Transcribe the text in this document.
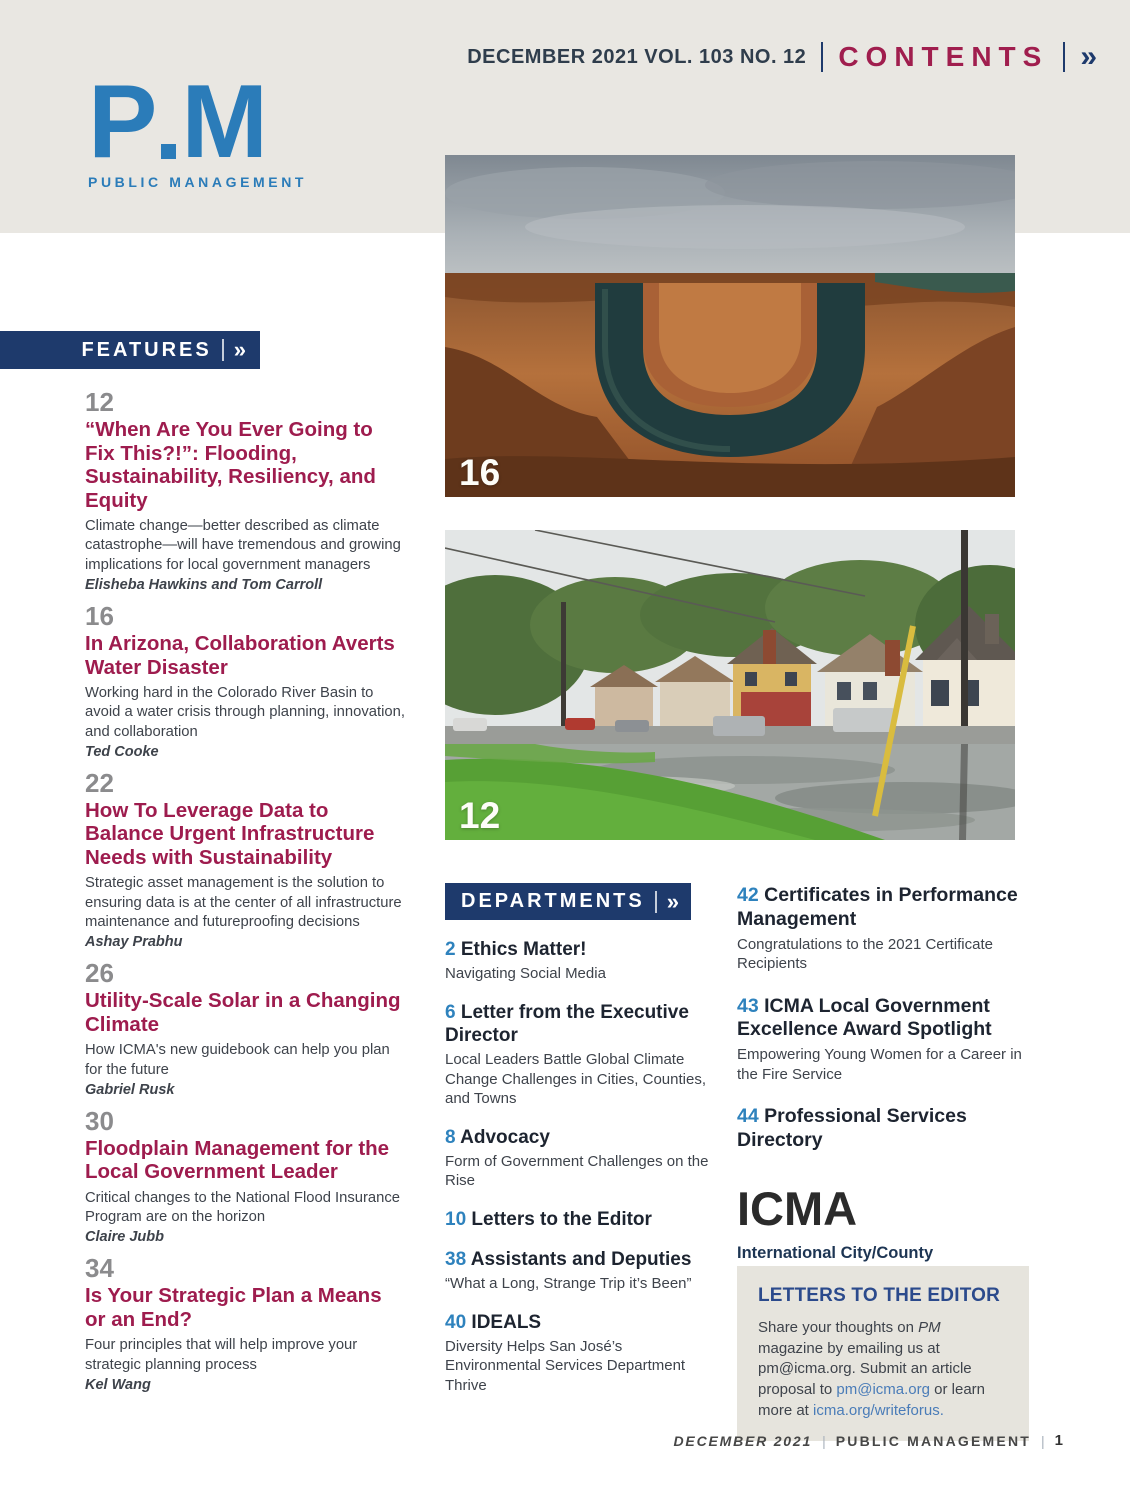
DECEMBER 2021 VOL. 103 NO. 12 CONTENTS »
P M
PUBLIC MANAGEMENT
FEATURES »
12
“When Are You Ever Going to Fix This?!”: Flooding, Sustainability, Resiliency, and Equity

Climate change—better described as climate catastrophe—will have tremendous and growing implications for local government managers

Elisheba Hawkins and Tom Carroll

16
In Arizona, Collaboration Averts Water Disaster

Working hard in the Colorado River Basin to avoid a water crisis through planning, innovation, and collaboration

Ted Cooke

22
How To Leverage Data to Balance Urgent Infrastructure Needs with Sustainability

Strategic asset management is the solution to ensuring data is at the center of all infrastructure maintenance and futureproofing decisions

Ashay Prabhu

26
Utility-Scale Solar in a Changing Climate

How ICMA's new guidebook can help you plan for the future

Gabriel Rusk

30
Floodplain Management for the Local Government Leader

Critical changes to the National Flood Insurance Program are on the horizon

Claire Jubb

34
Is Your Strategic Plan a Means or an End?

Four principles that will help improve your strategic planning process

Kel Wang

16
12
DEPARTMENTS »
2 Ethics Matter!

Navigating Social Media

6 Letter from the Executive Director

Local Leaders Battle Global Climate Change Challenges in Cities, Counties, and Towns

8 Advocacy

Form of Government Challenges on the Rise

10 Letters to the Editor
38 Assistants and Deputies

“What a Long, Strange Trip it’s Been”

40 IDEALS

Diversity Helps San José’s Environmental Services Department Thrive

42 Certificates in Performance Management

Congratulations to the 2021 Certificate Recipients

43 ICMA Local Government Excellence Award Spotlight

Empowering Young Women for a Career in the Fire Service

44 Professional Services Directory
ICMA
International City/County
LETTERS TO THE EDITOR

Share your thoughts on PM magazine by emailing us at pm@icma.org. Submit an article proposal to pm@icma.org or learn more at icma.org/writeforus.

DECEMBER 2021 | PUBLIC MANAGEMENT | 1
